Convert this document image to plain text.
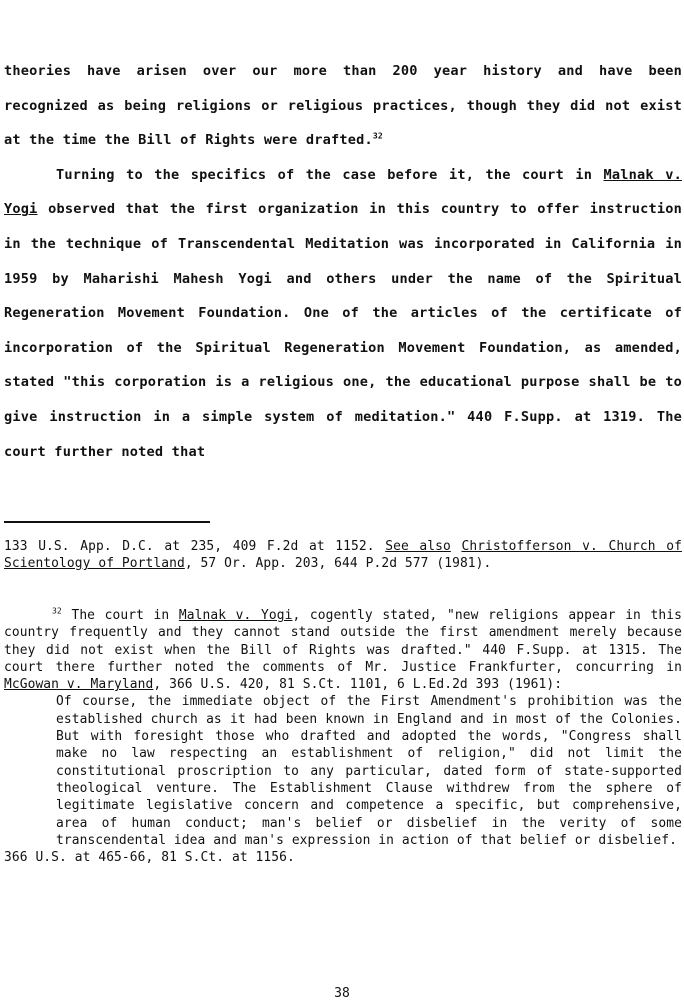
theories have arisen over our more than 200 year history and have been recognized as being religions or religious practices, though they did not exist at the time the Bill of Rights were drafted.$^{32}$

Turning to the specifics of the case before it, the court in Malnak v. Yogi observed that the first organization in this country to offer instruction in the technique of Transcendental Meditation was incorporated in California in 1959 by Maharishi Mahesh Yogi and others under the name of the Spiritual Regeneration Movement Foundation. One of the articles of the certificate of incorporation of the Spiritual Regeneration Movement Foundation, as amended, stated "this corporation is a religious one, the educational purpose shall be to give instruction in a simple system of meditation." 440 F.Supp. at 1319. The court further noted that

133 U.S. App. D.C. at 235, 409 F.2d at 1152. See also Christofferson v. Church of Scientology of Portland, 57 Or. App. 203, 644 P.2d 577 (1981).

$^{32}$ The court in Malnak v. Yogi, cogently stated, "new religions appear in this country frequently and they cannot stand outside the first amendment merely because they did not exist when the Bill of Rights was drafted." 440 F.Supp. at 1315. The court there further noted the comments of Mr. Justice Frankfurter, concurring in McGowan v. Maryland, 366 U.S. 420, 81 S.Ct. 1101, 6 L.Ed.2d 393 (1961):

Of course, the immediate object of the First Amendment's prohibition was the established church as it had been known in England and in most of the Colonies. But with foresight those who drafted and adopted the words, "Congress shall make no law respecting an establishment of religion," did not limit the constitutional proscription to any particular, dated form of state-supported theological venture. The Establishment Clause withdrew from the sphere of legitimate legislative concern and competence a specific, but comprehensive, area of human conduct; man's belief or disbelief in the verity of some transcendental idea and man's expression in action of that belief or disbelief.

366 U.S. at 465-66, 81 S.Ct. at 1156.

38
